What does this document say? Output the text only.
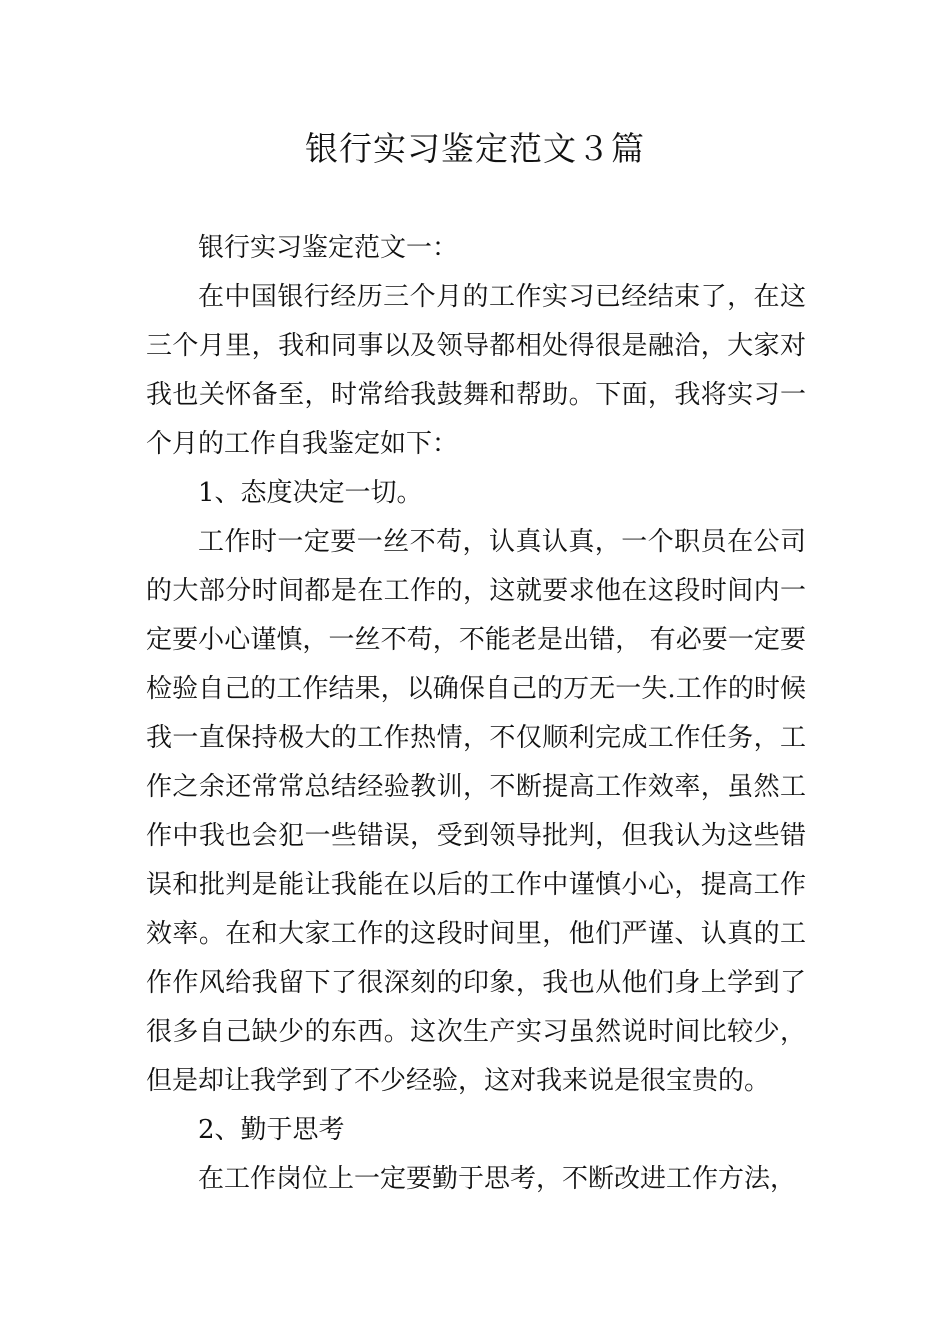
银行实习鉴定范文３篇

银行实习鉴定范文一：

在中国银行经历三个月的工作实习已经结束了，在这三个月里，我和同事以及领导都相处得很是融洽，大家对我也关怀备至，时常给我鼓舞和帮助。下面，我将实习一个月的工作自我鉴定如下：

1、态度决定一切。

工作时一定要一丝不苟，认真认真，一个职员在公司的大部分时间都是在工作的，这就要求他在这段时间内一定要小心谨慎，一丝不苟，不能老是出错， 有必要一定要检验自己的工作结果，以确保自己的万无一失.工作的时候我一直保持极大的工作热情，不仅顺利完成工作任务，工作之余还常常总结经验教训，不断提高工作效率，虽然工作中我也会犯一些错误，受到领导批判，但我认为这些错误和批判是能让我能在以后的工作中谨慎小心，提高工作效率。在和大家工作的这段时间里，他们严谨、认真的工作作风给我留下了很深刻的印象，我也从他们身上学到了很多自己缺少的东西。这次生产实习虽然说时间比较少，但是却让我学到了不少经验，这对我来说是很宝贵的。

2、勤于思考

在工作岗位上一定要勤于思考，不断改进工作方法，
